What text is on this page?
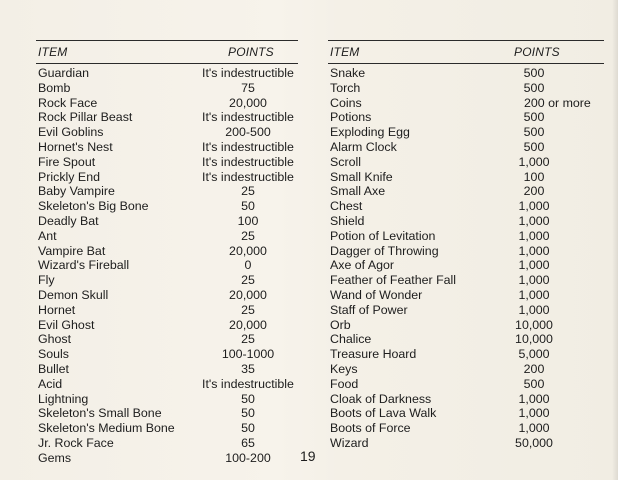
ITEM	POINTS
Guardian	It's indestructible
Bomb	75
Rock Face	20,000
Rock Pillar Beast	It's indestructible
Evil Goblins	200-500
Hornet's Nest	It's indestructible
Fire Spout	It's indestructible
Prickly End	It's indestructible
Baby Vampire	25
Skeleton's Big Bone	50
Deadly Bat	100
Ant	25
Vampire Bat	20,000
Wizard's Fireball	0
Fly	25
Demon Skull	20,000
Hornet	25
Evil Ghost	20,000
Ghost	25
Souls	100-1000
Bullet	35
Acid	It's indestructible
Lightning	50
Skeleton's Small Bone	50
Skeleton's Medium Bone	50
Jr. Rock Face	65
Gems	100-200
ITEM	POINTS
Snake	500
Torch	500
Coins	200 or more
Potions	500
Exploding Egg	500
Alarm Clock	500
Scroll	1,000
Small Knife	100
Small Axe	200
Chest	1,000
Shield	1,000
Potion of Levitation	1,000
Dagger of Throwing	1,000
Axe of Agor	1,000
Feather of Feather Fall	1,000
Wand of Wonder	1,000
Staff of Power	1,000
Orb	10,000
Chalice	10,000
Treasure Hoard	5,000
Keys	200
Food	500
Cloak of Darkness	1,000
Boots of Lava Walk	1,000
Boots of Force	1,000
Wizard	50,000
19
